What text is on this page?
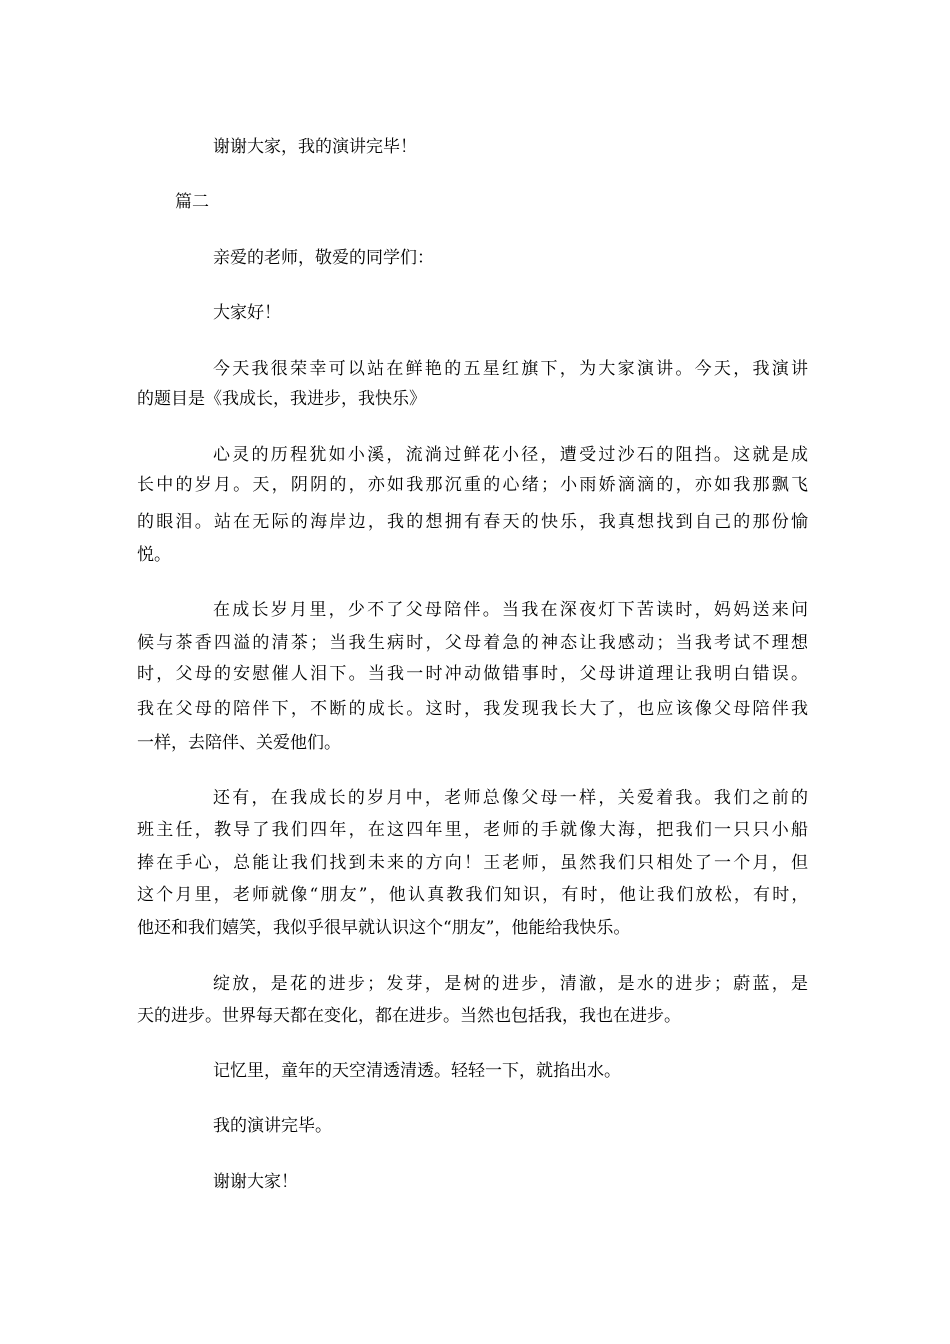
谢谢大家，我的演讲完毕！
篇二
亲爱的老师，敬爱的同学们：
大家好！
今天我很荣幸可以站在鲜艳的五星红旗下，为大家演讲。今天，我演讲
的题目是《我成长，我进步，我快乐》
心灵的历程犹如小溪，流淌过鲜花小径，遭受过沙石的阻挡。这就是成
长中的岁月。天，阴阴的，亦如我那沉重的心绪；小雨娇滴滴的，亦如我那飘飞
的眼泪。站在无际的海岸边，我的想拥有春天的快乐，我真想找到自己的那份愉
悦。
在成长岁月里，少不了父母陪伴。当我在深夜灯下苦读时，妈妈送来问
候与茶香四溢的清茶；当我生病时，父母着急的神态让我感动；当我考试不理想
时，父母的安慰催人泪下。当我一时冲动做错事时，父母讲道理让我明白错误。
我在父母的陪伴下，不断的成长。这时，我发现我长大了，也应该像父母陪伴我
一样，去陪伴、关爱他们。
还有，在我成长的岁月中，老师总像父母一样，关爱着我。我们之前的
班主任，教导了我们四年，在这四年里，老师的手就像大海，把我们一只只小船
捧在手心，总能让我们找到未来的方向！王老师，虽然我们只相处了一个月，但
这个月里，老师就像“朋友”，他认真教我们知识，有时，他让我们放松，有时，
他还和我们嬉笑，我似乎很早就认识这个“朋友”，他能给我快乐。
绽放，是花的进步；发芽，是树的进步，清澈，是水的进步；蔚蓝，是
天的进步。世界每天都在变化，都在进步。当然也包括我，我也在进步。
记忆里，童年的天空清透清透。轻轻一下，就掐出水。
我的演讲完毕。
谢谢大家！
